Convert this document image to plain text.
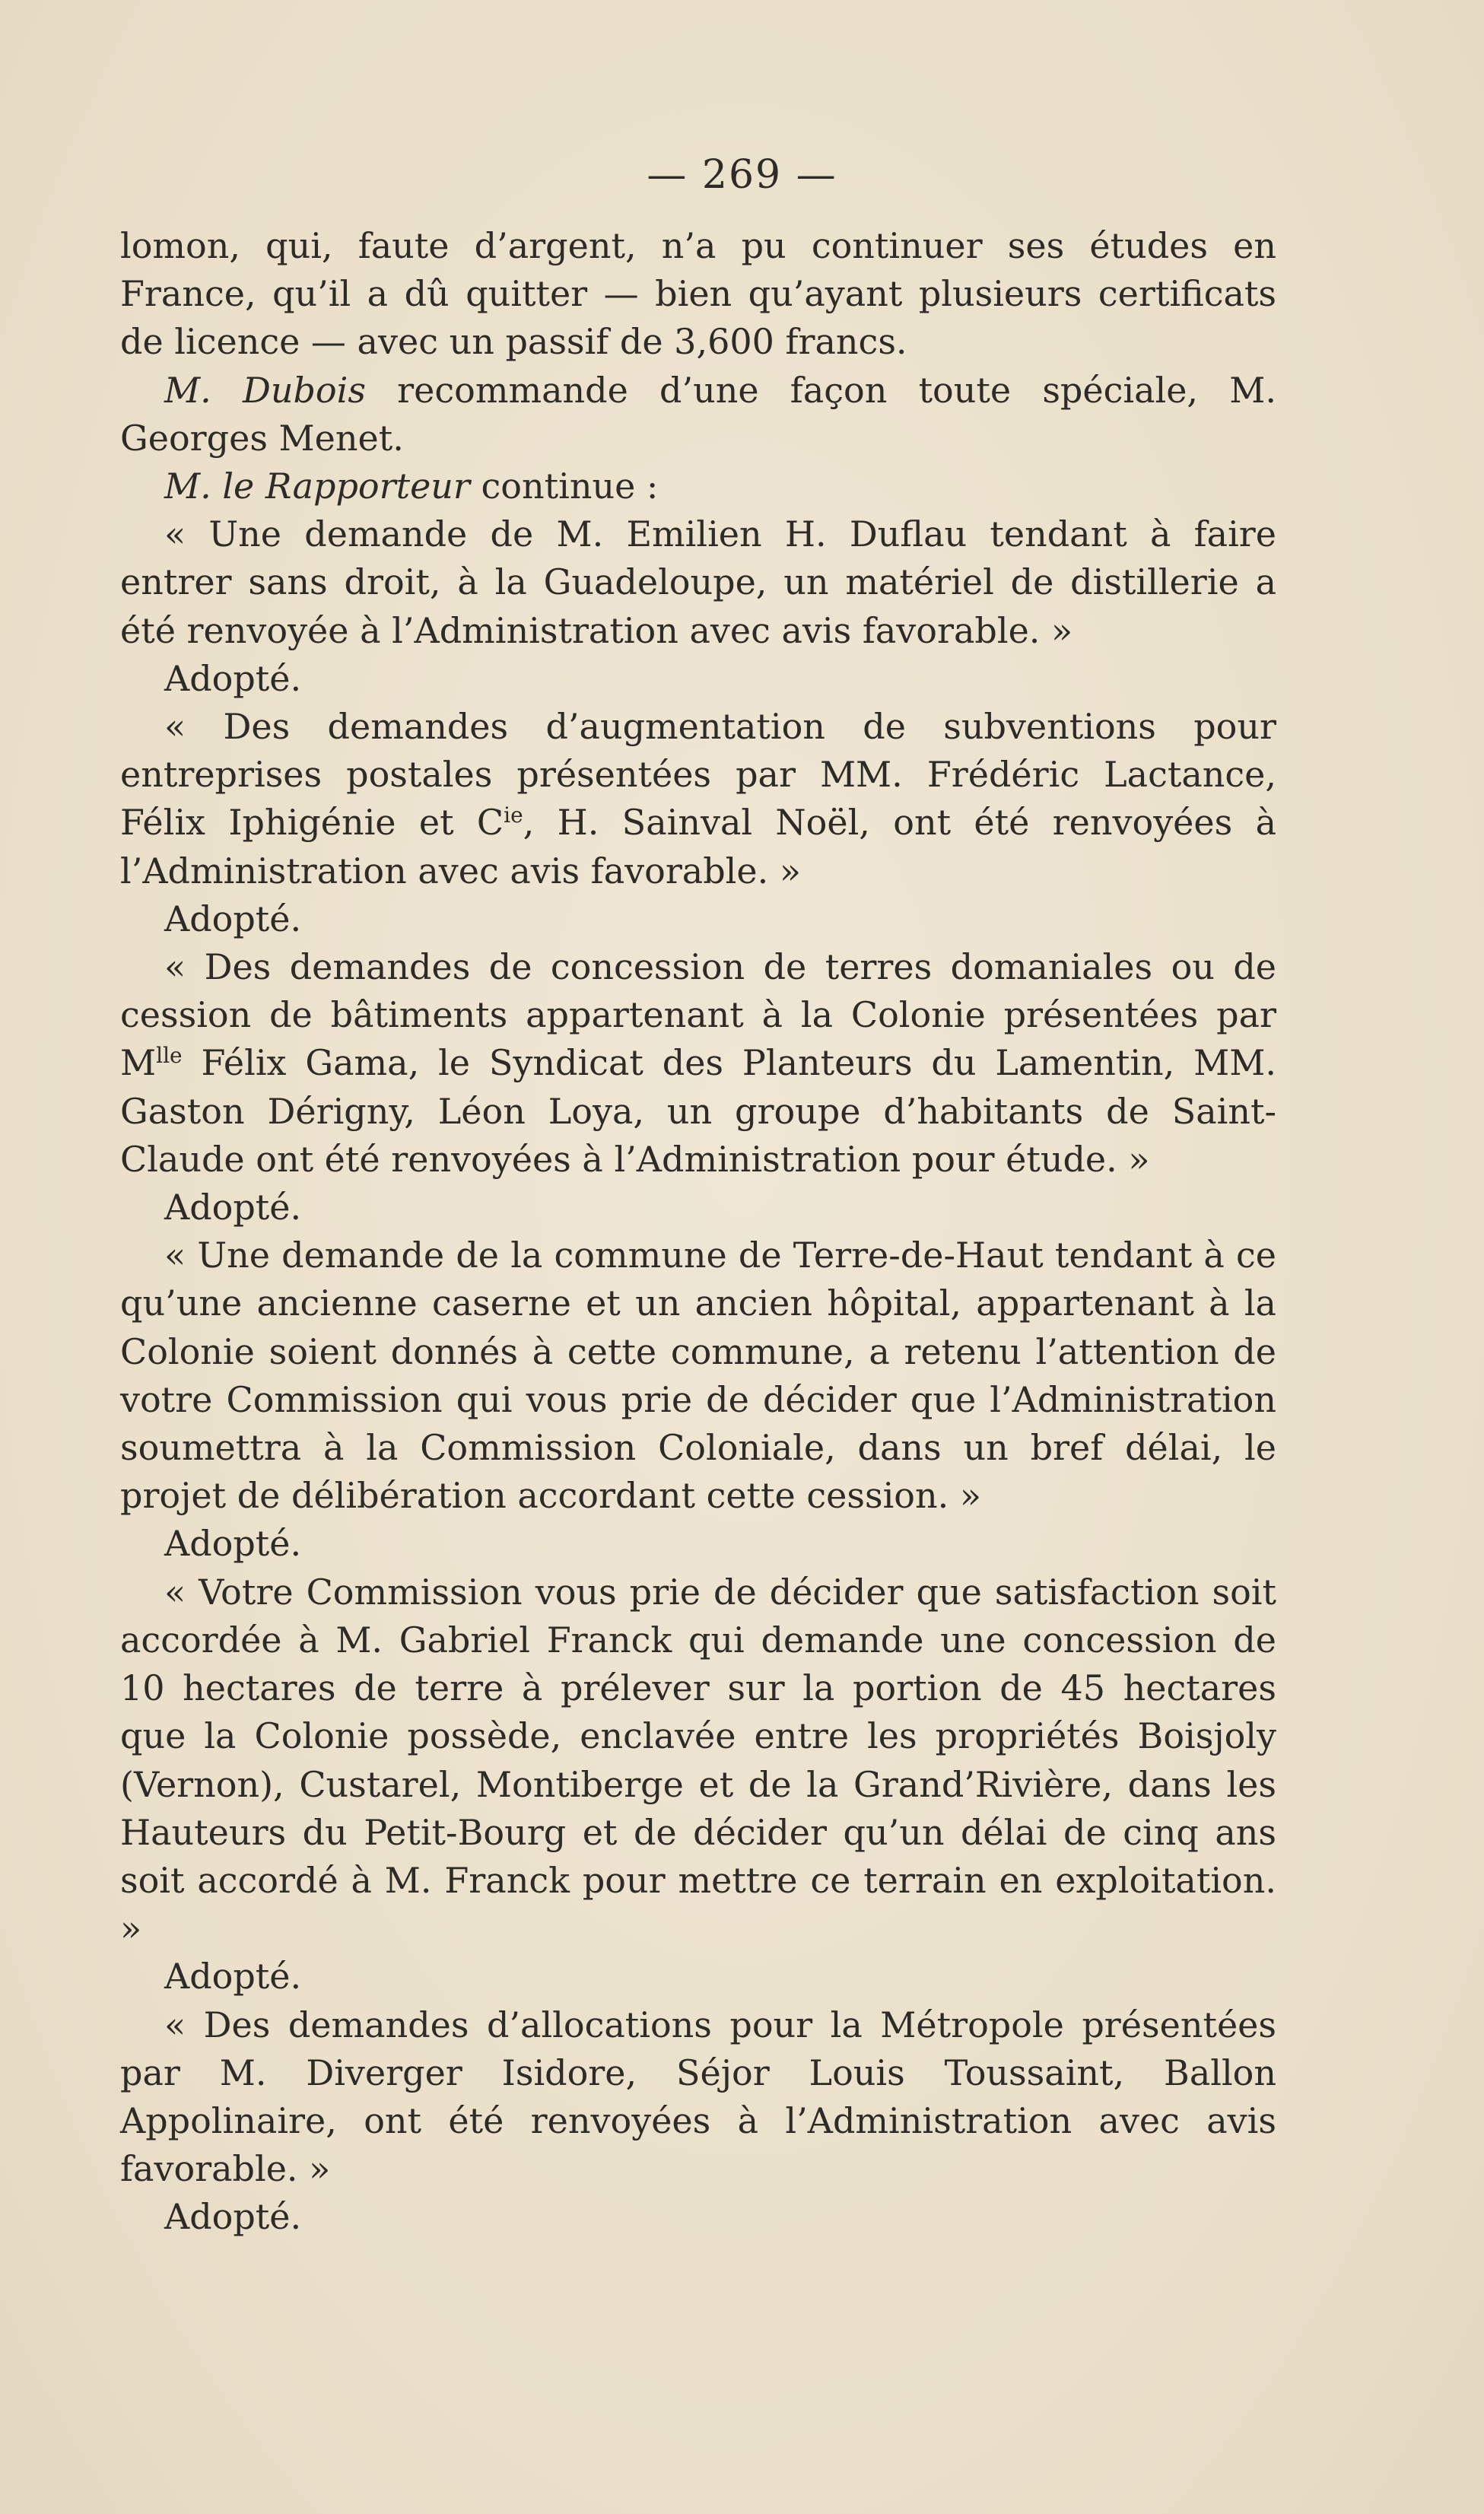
— 269 —

lomon, qui, faute d’argent, n’a pu continuer ses études en France, qu’il a dû quitter — bien qu’ayant plusieurs certificats de licence — avec un passif de 3,600 francs.

M. Dubois recommande d’une façon toute spéciale, M. Georges Menet.

M. le Rapporteur continue :

« Une demande de M. Emilien H. Duflau tendant à faire entrer sans droit, à la Guadeloupe, un matériel de distillerie a été renvoyée à l’Administration avec avis favorable. »

Adopté.

« Des demandes d’augmentation de subventions pour entreprises postales présentées par MM. Frédéric Lactance, Félix Iphigénie et $C^{ie}$, H. Sainval Noël, ont été renvoyées à l’Administration avec avis favorable. »

Adopté.

« Des demandes de concession de terres domaniales ou de cession de bâtiments appartenant à la Colonie présentées par $M^{lle}$ Félix Gama, le Syndicat des Planteurs du Lamentin, MM. Gaston Dérigny, Léon Loya, un groupe d’habitants de Saint-Claude ont été renvoyées à l’Administration pour étude. »

Adopté.

« Une demande de la commune de Terre-de-Haut tendant à ce qu’une ancienne caserne et un ancien hôpital, appartenant à la Colonie soient donnés à cette commune, a retenu l’attention de votre Commission qui vous prie de décider que l’Administration soumettra à la Commission Coloniale, dans un bref délai, le projet de délibération accordant cette cession. »

Adopté.

« Votre Commission vous prie de décider que satisfaction soit accordée à M. Gabriel Franck qui demande une concession de 10 hectares de terre à prélever sur la portion de 45 hectares que la Colonie possède, enclavée entre les propriétés Boisjoly (Vernon), Custarel, Montiberge et de la Grand’Rivière, dans les Hauteurs du Petit-Bourg et de décider qu’un délai de cinq ans soit accordé à M. Franck pour mettre ce terrain en exploitation. »

Adopté.

« Des demandes d’allocations pour la Métropole présentées par M. Diverger Isidore, Séjor Louis Toussaint, Ballon Appolinaire, ont été renvoyées à l’Administration avec avis favorable. »

Adopté.
